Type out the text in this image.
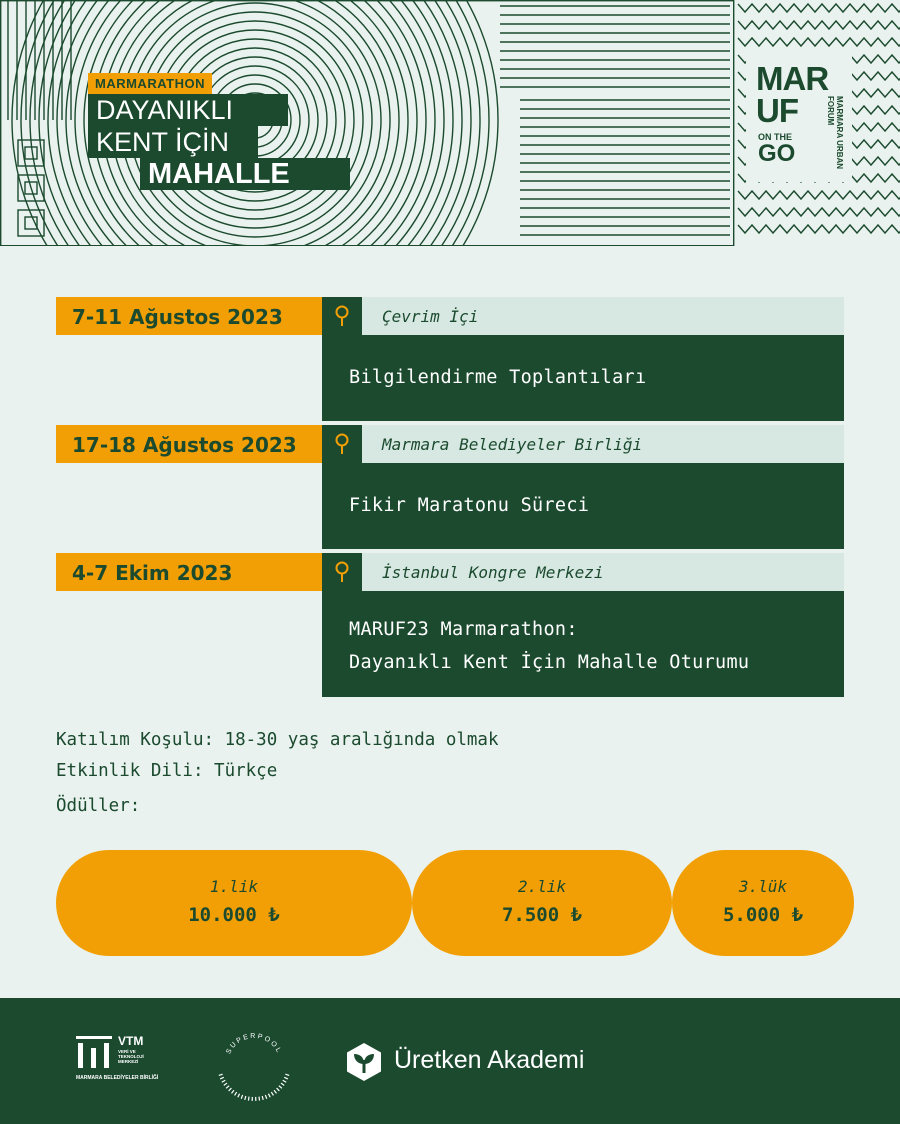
MARMARATHON
DAYANIKLI
KENT İÇİN
MAHALLE
MAR
UF	MARMARA URBAN FORUM
ON THE
GO
7-11 Ağustos 2023	Çevrim İçi
Bilgilendirme Toplantıları
17-18 Ağustos 2023	Marmara Belediyeler Birliği
Fikir Maratonu Süreci
4-7 Ekim 2023	İstanbul Kongre Merkezi
MARUF23 Marmarathon:
Dayanıklı Kent İçin Mahalle Oturumu
Katılım Koşulu: 18-30 yaş aralığında olmak
Etkinlik Dili: Türkçe
Ödüller:
1.lik
10.000 ₺
2.lik
7.500 ₺
3.lük
5.000 ₺
VTM
VERİ VE TEKNOLOJİ MERKEZİ
MARMARA BELEDİYELER BİRLİĞİ
SUPERPOOL	Üretken Akademi
